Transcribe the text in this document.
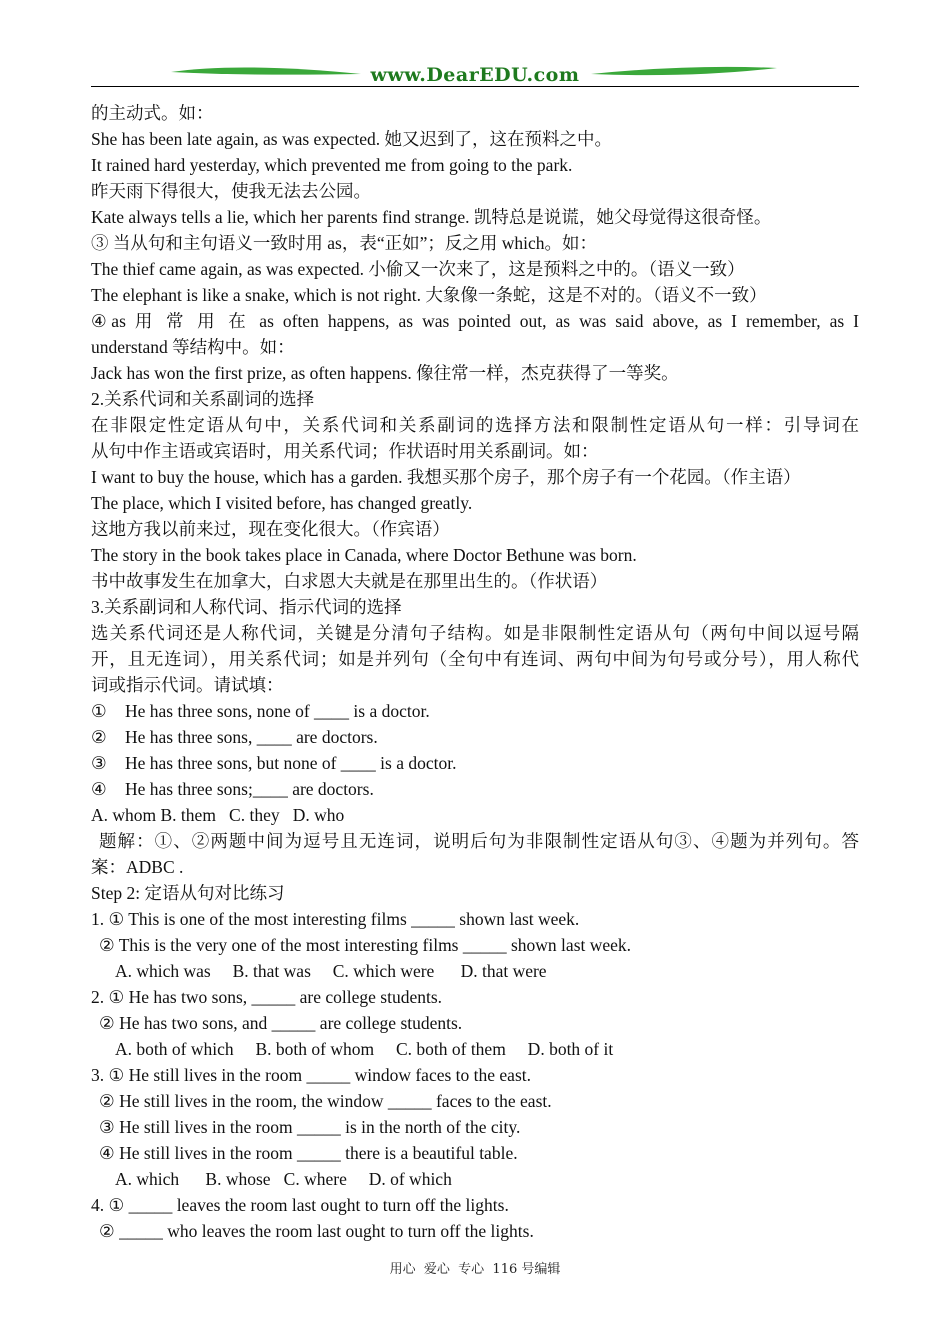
www.DearEDU.com
的主动式。如：
She has been late again, as was expected. 她又迟到了，这在预料之中。
It rained hard yesterday, which prevented me from going to the park.
昨天雨下得很大，使我无法去公园。
Kate always tells a lie, which her parents find strange. 凯特总是说谎，她父母觉得这很奇怪。
③ 当从句和主句语义一致时用 as，表“正如”；反之用 which。如：
The thief came again, as was expected. 小偷又一次来了，这是预料之中的。（语义一致）
The elephant is like a snake, which is not right. 大象像一条蛇，这是不对的。（语义不一致）
④as 用 常 用 在 as often happens, as was pointed out, as was said above, as I remember, as I
understand 等结构中。如：
Jack has won the first prize, as often happens. 像往常一样，杰克获得了一等奖。
2.关系代词和关系副词的选择
在非限定性定语从句中，关系代词和关系副词的选择方法和限制性定语从句一样：引导词在
从句中作主语或宾语时，用关系代词；作状语时用关系副词。如：
I want to buy the house, which has a garden. 我想买那个房子，那个房子有一个花园。（作主语）
The place, which I visited before, has changed greatly.
这地方我以前来过，现在变化很大。（作宾语）
The story in the book takes place in Canada, where Doctor Bethune was born.
书中故事发生在加拿大，白求恩大夫就是在那里出生的。（作状语）
3.关系副词和人称代词、指示代词的选择
选关系代词还是人称代词，关键是分清句子结构。如是非限制性定语从句（两句中间以逗号隔
开，且无连词），用关系代词；如是并列句（全句中有连词、两句中间为句号或分号），用人称代
词或指示代词。请试填：
① He has three sons, none of ____ is a doctor.
② He has three sons, ____ are doctors.
③ He has three sons, but none of ____ is a doctor.
④ He has three sons;____ are doctors.
A. whom B. them   C. they   D. who
题解：①、②两题中间为逗号且无连词，说明后句为非限制性定语从句③、④题为并列句。答
案：ADBC .
Step 2: 定语从句对比练习
1. ① This is one of the most interesting films _____ shown last week.
② This is the very one of the most interesting films _____ shown last week.
A. which was     B. that was     C. which were      D. that were
2. ① He has two sons, _____ are college students.
② He has two sons, and _____ are college students.
A. both of which     B. both of whom     C. both of them     D. both of it
3. ① He still lives in the room _____ window faces to the east.
② He still lives in the room, the window _____ faces to the east.
③ He still lives in the room _____ is in the north of the city.
④ He still lives in the room _____ there is a beautiful table.
A. which      B. whose   C. where     D. of which
4. ① _____ leaves the room last ought to turn off the lights.
② _____ who leaves the room last ought to turn off the lights.
用心  爱心  专心  116 号编辑
